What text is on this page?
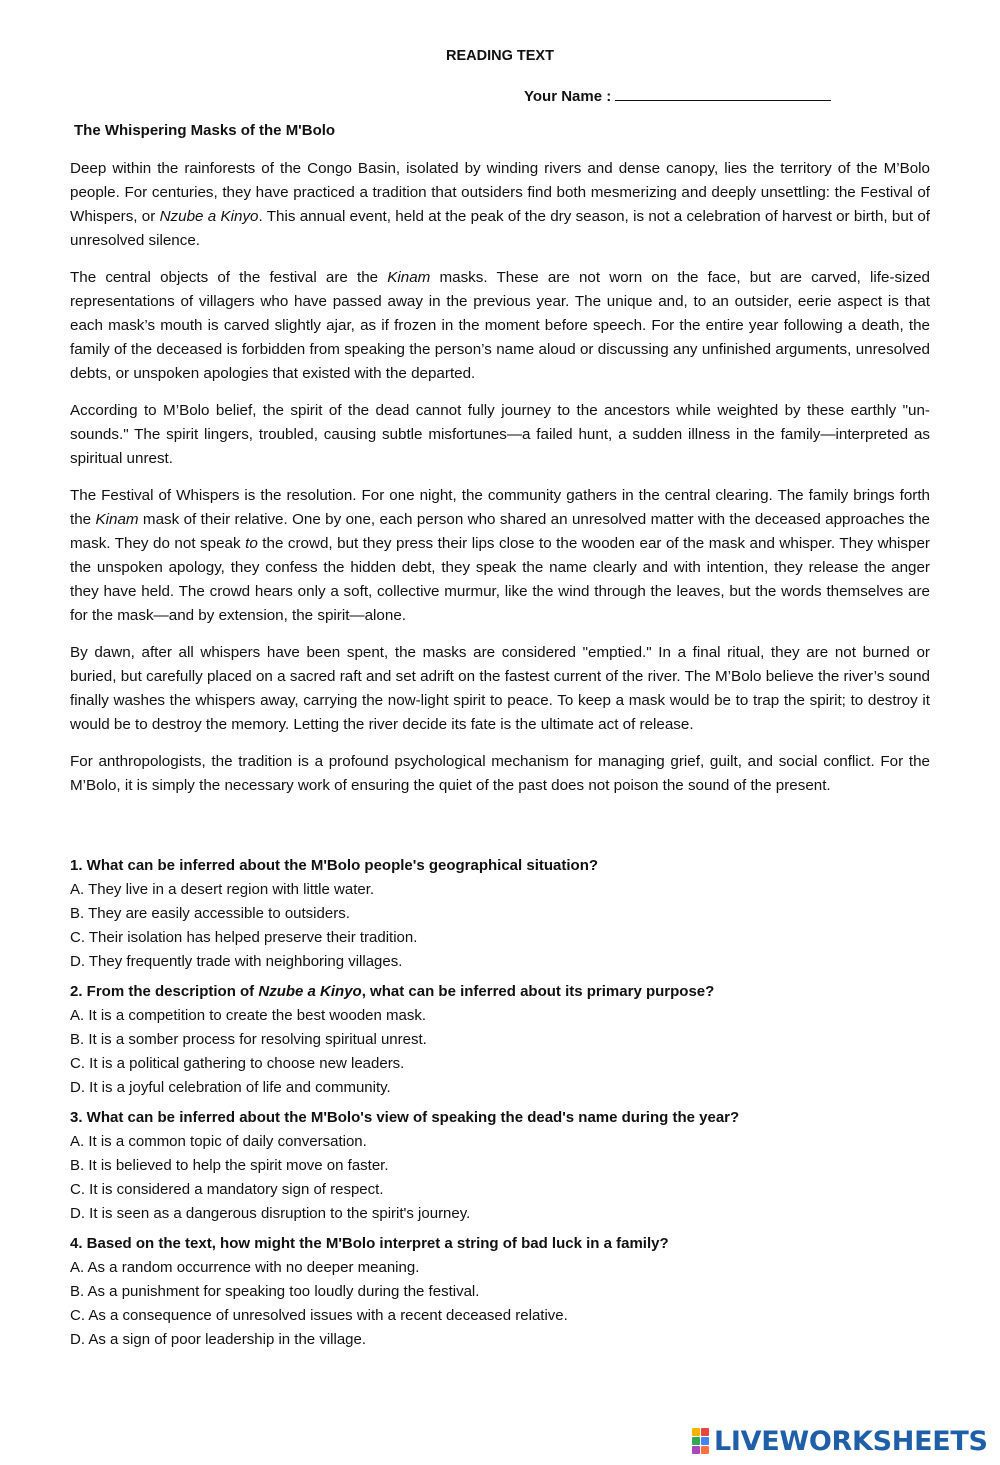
READING TEXT
Your Name :
The Whispering Masks of the M'Bolo

Deep within the rainforests of the Congo Basin, isolated by winding rivers and dense canopy, lies the territory of the M’Bolo people. For centuries, they have practiced a tradition that outsiders find both mesmerizing and deeply unsettling: the Festival of Whispers, or Nzube a Kinyo. This annual event, held at the peak of the dry season, is not a celebration of harvest or birth, but of unresolved silence.

The central objects of the festival are the Kinam masks. These are not worn on the face, but are carved, life-sized representations of villagers who have passed away in the previous year. The unique and, to an outsider, eerie aspect is that each mask’s mouth is carved slightly ajar, as if frozen in the moment before speech. For the entire year following a death, the family of the deceased is forbidden from speaking the person’s name aloud or discussing any unfinished arguments, unresolved debts, or unspoken apologies that existed with the departed.

According to M’Bolo belief, the spirit of the dead cannot fully journey to the ancestors while weighted by these earthly "un-sounds." The spirit lingers, troubled, causing subtle misfortunes—a failed hunt, a sudden illness in the family—interpreted as spiritual unrest.

The Festival of Whispers is the resolution. For one night, the community gathers in the central clearing. The family brings forth the Kinam mask of their relative. One by one, each person who shared an unresolved matter with the deceased approaches the mask. They do not speak to the crowd, but they press their lips close to the wooden ear of the mask and whisper. They whisper the unspoken apology, they confess the hidden debt, they speak the name clearly and with intention, they release the anger they have held. The crowd hears only a soft, collective murmur, like the wind through the leaves, but the words themselves are for the mask—and by extension, the spirit—alone.

By dawn, after all whispers have been spent, the masks are considered "emptied." In a final ritual, they are not burned or buried, but carefully placed on a sacred raft and set adrift on the fastest current of the river. The M’Bolo believe the river’s sound finally washes the whispers away, carrying the now-light spirit to peace. To keep a mask would be to trap the spirit; to destroy it would be to destroy the memory. Letting the river decide its fate is the ultimate act of release.

For anthropologists, the tradition is a profound psychological mechanism for managing grief, guilt, and social conflict. For the M’Bolo, it is simply the necessary work of ensuring the quiet of the past does not poison the sound of the present.

1. What can be inferred about the M'Bolo people's geographical situation?
A. They live in a desert region with little water.
B. They are easily accessible to outsiders.
C. Their isolation has helped preserve their tradition.
D. They frequently trade with neighboring villages.
2. From the description of Nzube a Kinyo, what can be inferred about its primary purpose?
A. It is a competition to create the best wooden mask.
B. It is a somber process for resolving spiritual unrest.
C. It is a political gathering to choose new leaders.
D. It is a joyful celebration of life and community.
3. What can be inferred about the M'Bolo's view of speaking the dead's name during the year?
A. It is a common topic of daily conversation.
B. It is believed to help the spirit move on faster.
C. It is considered a mandatory sign of respect.
D. It is seen as a dangerous disruption to the spirit's journey.
4. Based on the text, how might the M'Bolo interpret a string of bad luck in a family?
A. As a random occurrence with no deeper meaning.
B. As a punishment for speaking too loudly during the festival.
C. As a consequence of unresolved issues with a recent deceased relative.
D. As a sign of poor leadership in the village.
LIVEWORKSHEETS
